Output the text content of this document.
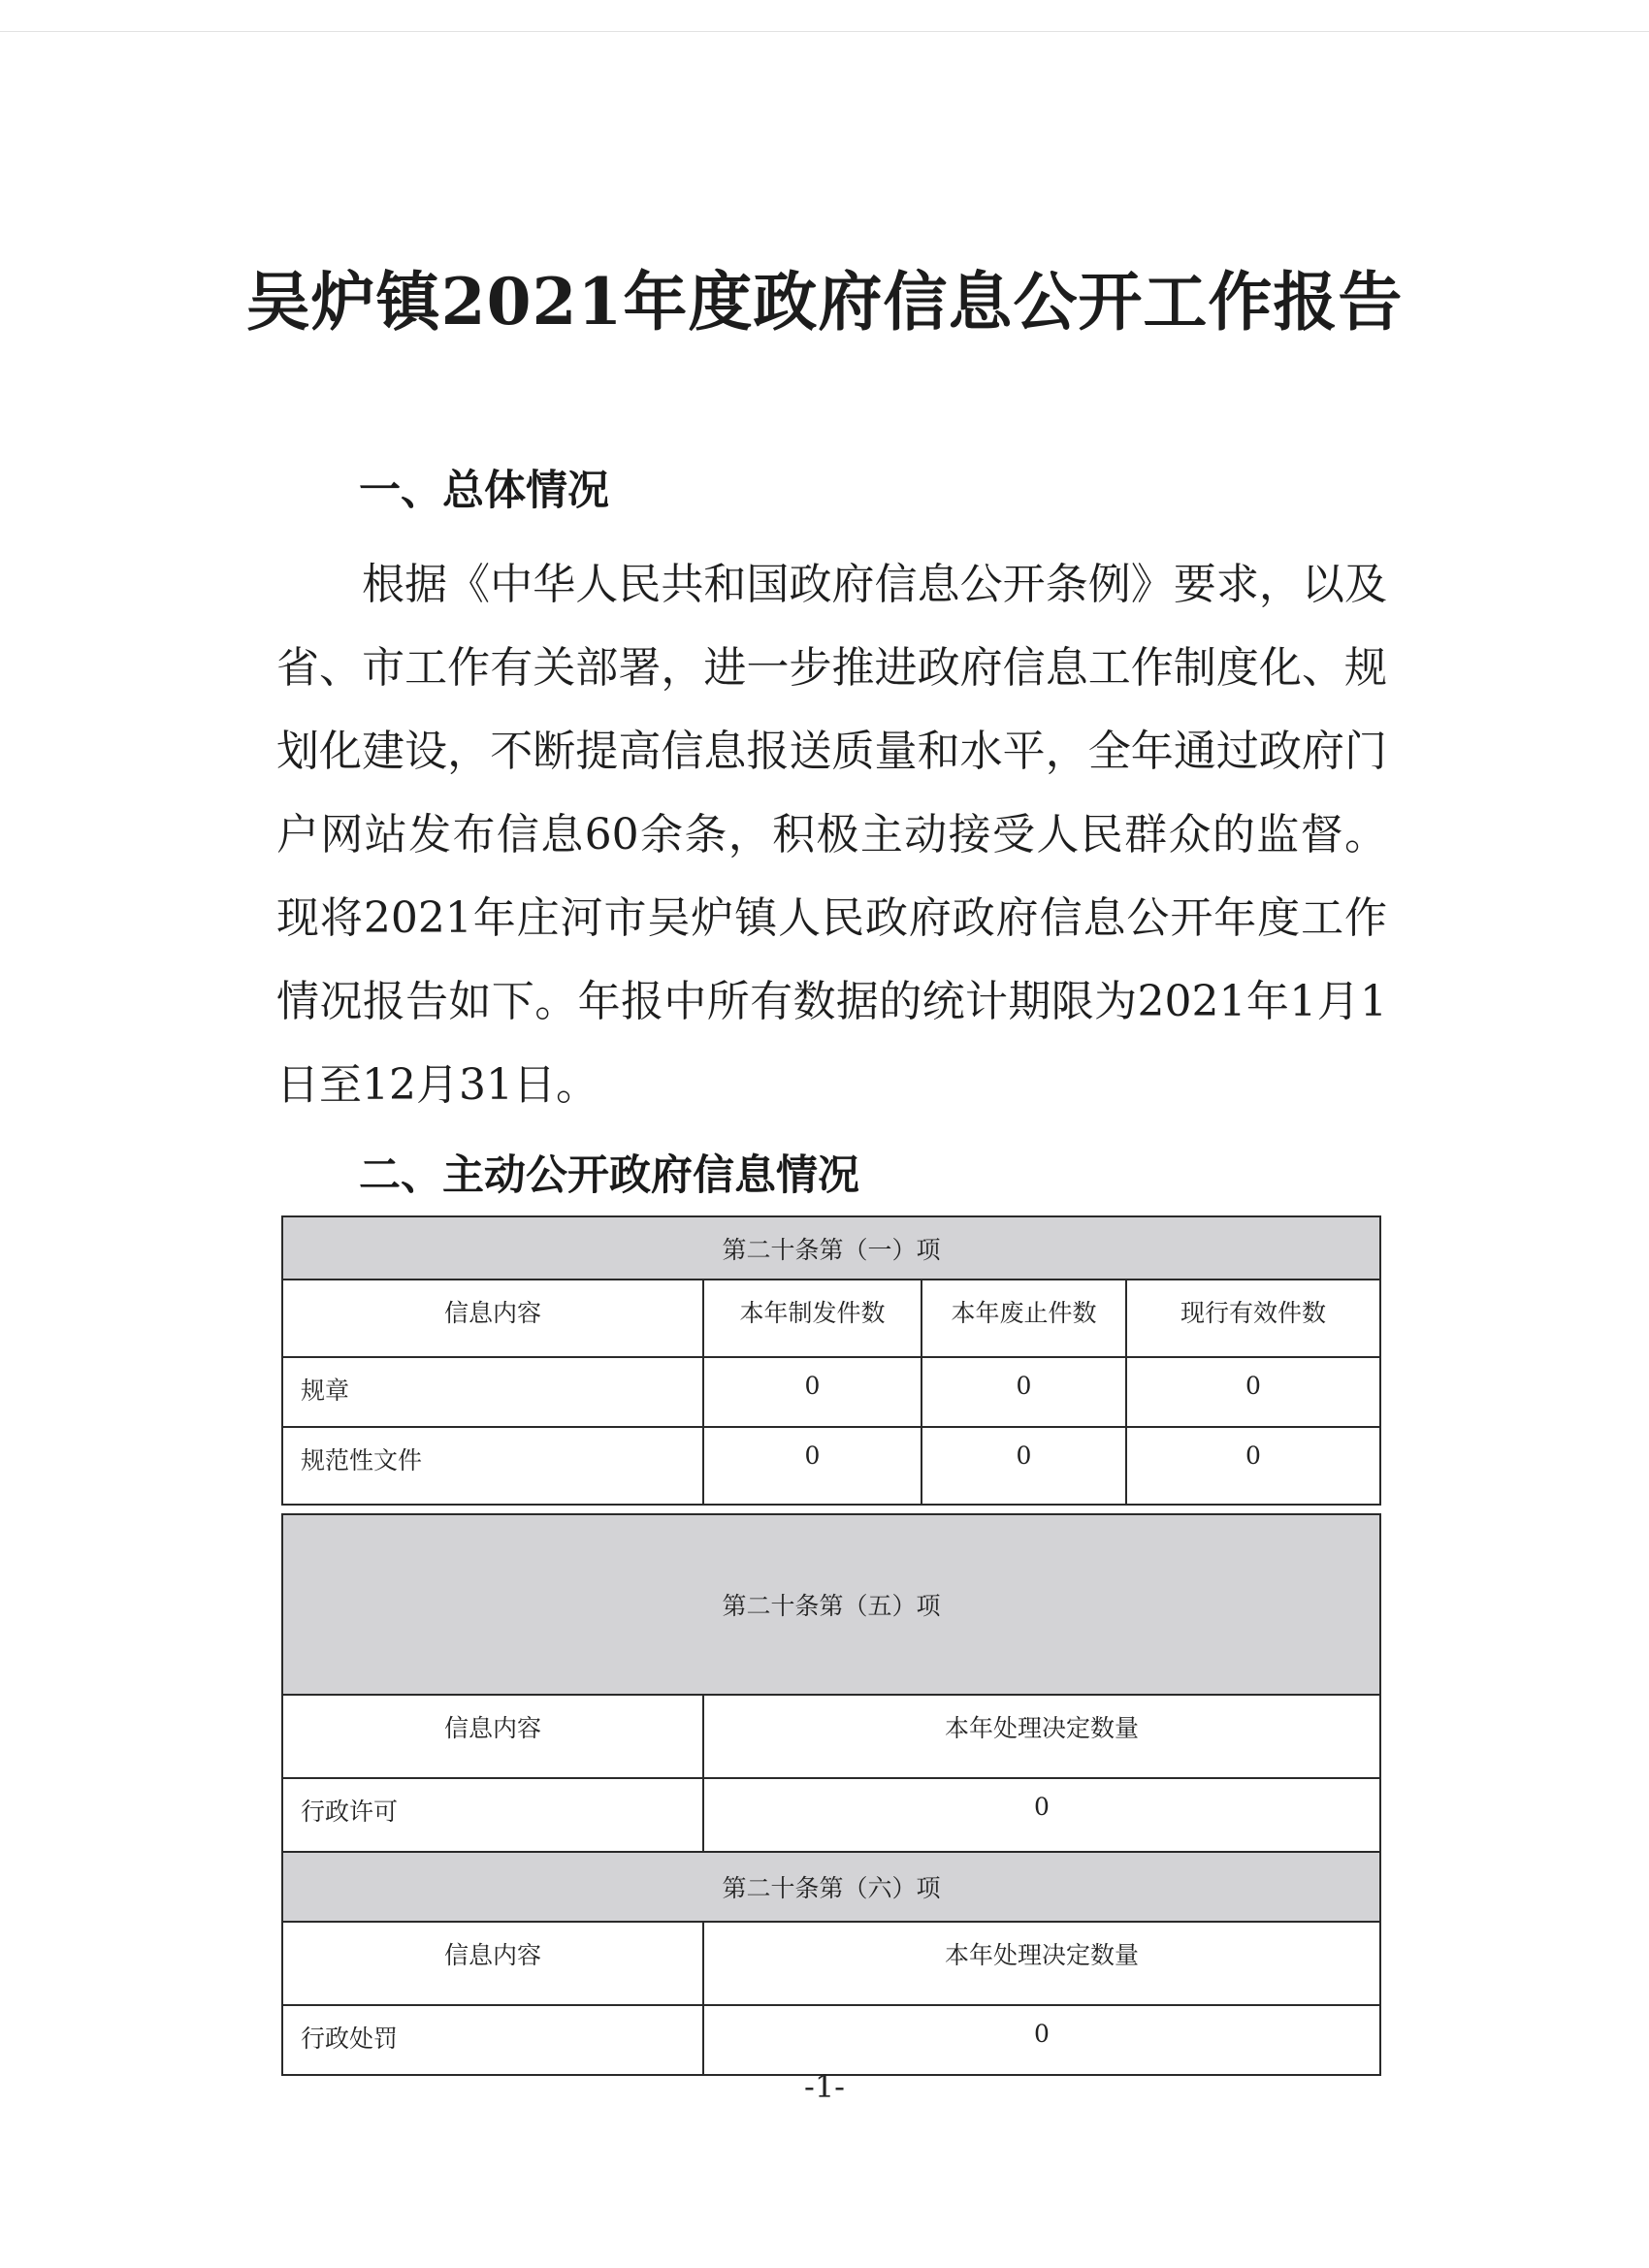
吴炉镇2021年度政府信息公开工作报告
一、总体情况

根据《中华人民共和国政府信息公开条例》要求，以及省、市工作有关部署，进一步推进政府信息工作制度化、规划化建设，不断提高信息报送质量和水平，全年通过政府门户网站发布信息60余条，积极主动接受人民群众的监督。现将2021年庄河市吴炉镇人民政府政府信息公开年度工作情况报告如下。年报中所有数据的统计期限为2021年1月1日至12月31日。

二、主动公开政府信息情况
第二十条第（一）项			
信息内容	本年制发件数	本年废止件数	现行有效件数
规章	0	0	0
规范性文件	0	0	0
第二十条第（五）项	
信息内容	本年处理决定数量
行政许可	0
第二十条第（六）项	
信息内容	本年处理决定数量
行政处罚	0
-1-
